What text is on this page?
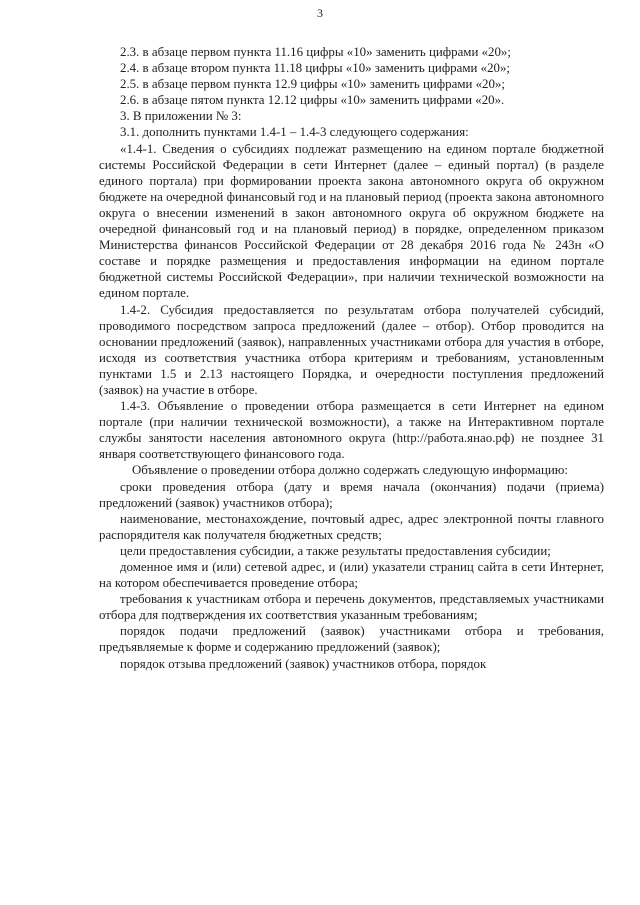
3

2.3. в абзаце первом пункта 11.16 цифры «10» заменить цифрами «20»;

2.4. в абзаце втором пункта 11.18 цифры «10» заменить цифрами «20»;

2.5. в абзаце первом пункта 12.9 цифры «10» заменить цифрами «20»;

2.6. в абзаце пятом пункта 12.12 цифры «10» заменить цифрами «20».

3. В приложении № 3:

3.1. дополнить пунктами 1.4-1 – 1.4-3 следующего содержания:

«1.4-1. Сведения о субсидиях подлежат размещению на едином портале бюджетной системы Российской Федерации в сети Интернет (далее – единый портал) (в разделе единого портала) при формировании проекта закона автономного округа об окружном бюджете на очередной финансовый год и на плановый период (проекта закона автономного округа о внесении изменений в закон автономного округа об окружном бюджете на очередной финансовый год и на плановый период) в порядке, определенном приказом Министерства финансов Российской Федерации от 28 декабря 2016 года № 243н «О составе и порядке размещения и предоставления информации на едином портале бюджетной системы Российской Федерации», при наличии технической возможности на едином портале.

1.4-2. Субсидия предоставляется по результатам отбора получателей субсидий, проводимого посредством запроса предложений (далее – отбор). Отбор проводится на основании предложений (заявок), направленных участниками отбора для участия в отборе, исходя из соответствия участника отбора критериям и требованиям, установленным пунктами 1.5 и 2.13 настоящего Порядка, и очередности поступления предложений (заявок) на участие в отборе.

1.4-3. Объявление о проведении отбора размещается в сети Интернет на едином портале (при наличии технической возможности), а также на Интерактивном портале службы занятости населения автономного округа (http://работа.янао.рф) не позднее 31 января соответствующего финансового года.

Объявление о проведении отбора должно содержать следующую информацию:

сроки проведения отбора (дату и время начала (окончания) подачи (приема) предложений (заявок) участников отбора);

наименование, местонахождение, почтовый адрес, адрес электронной почты главного распорядителя как получателя бюджетных средств;

цели предоставления субсидии, а также результаты предоставления субсидии;

доменное имя и (или) сетевой адрес, и (или) указатели страниц сайта в сети Интернет, на котором обеспечивается проведение отбора;

требования к участникам отбора и перечень документов, представляемых участниками отбора для подтверждения их соответствия указанным требованиям;

порядок подачи предложений (заявок) участниками отбора и требования, предъявляемые к форме и содержанию предложений (заявок);

порядок отзыва предложений (заявок) участников отбора, порядок
